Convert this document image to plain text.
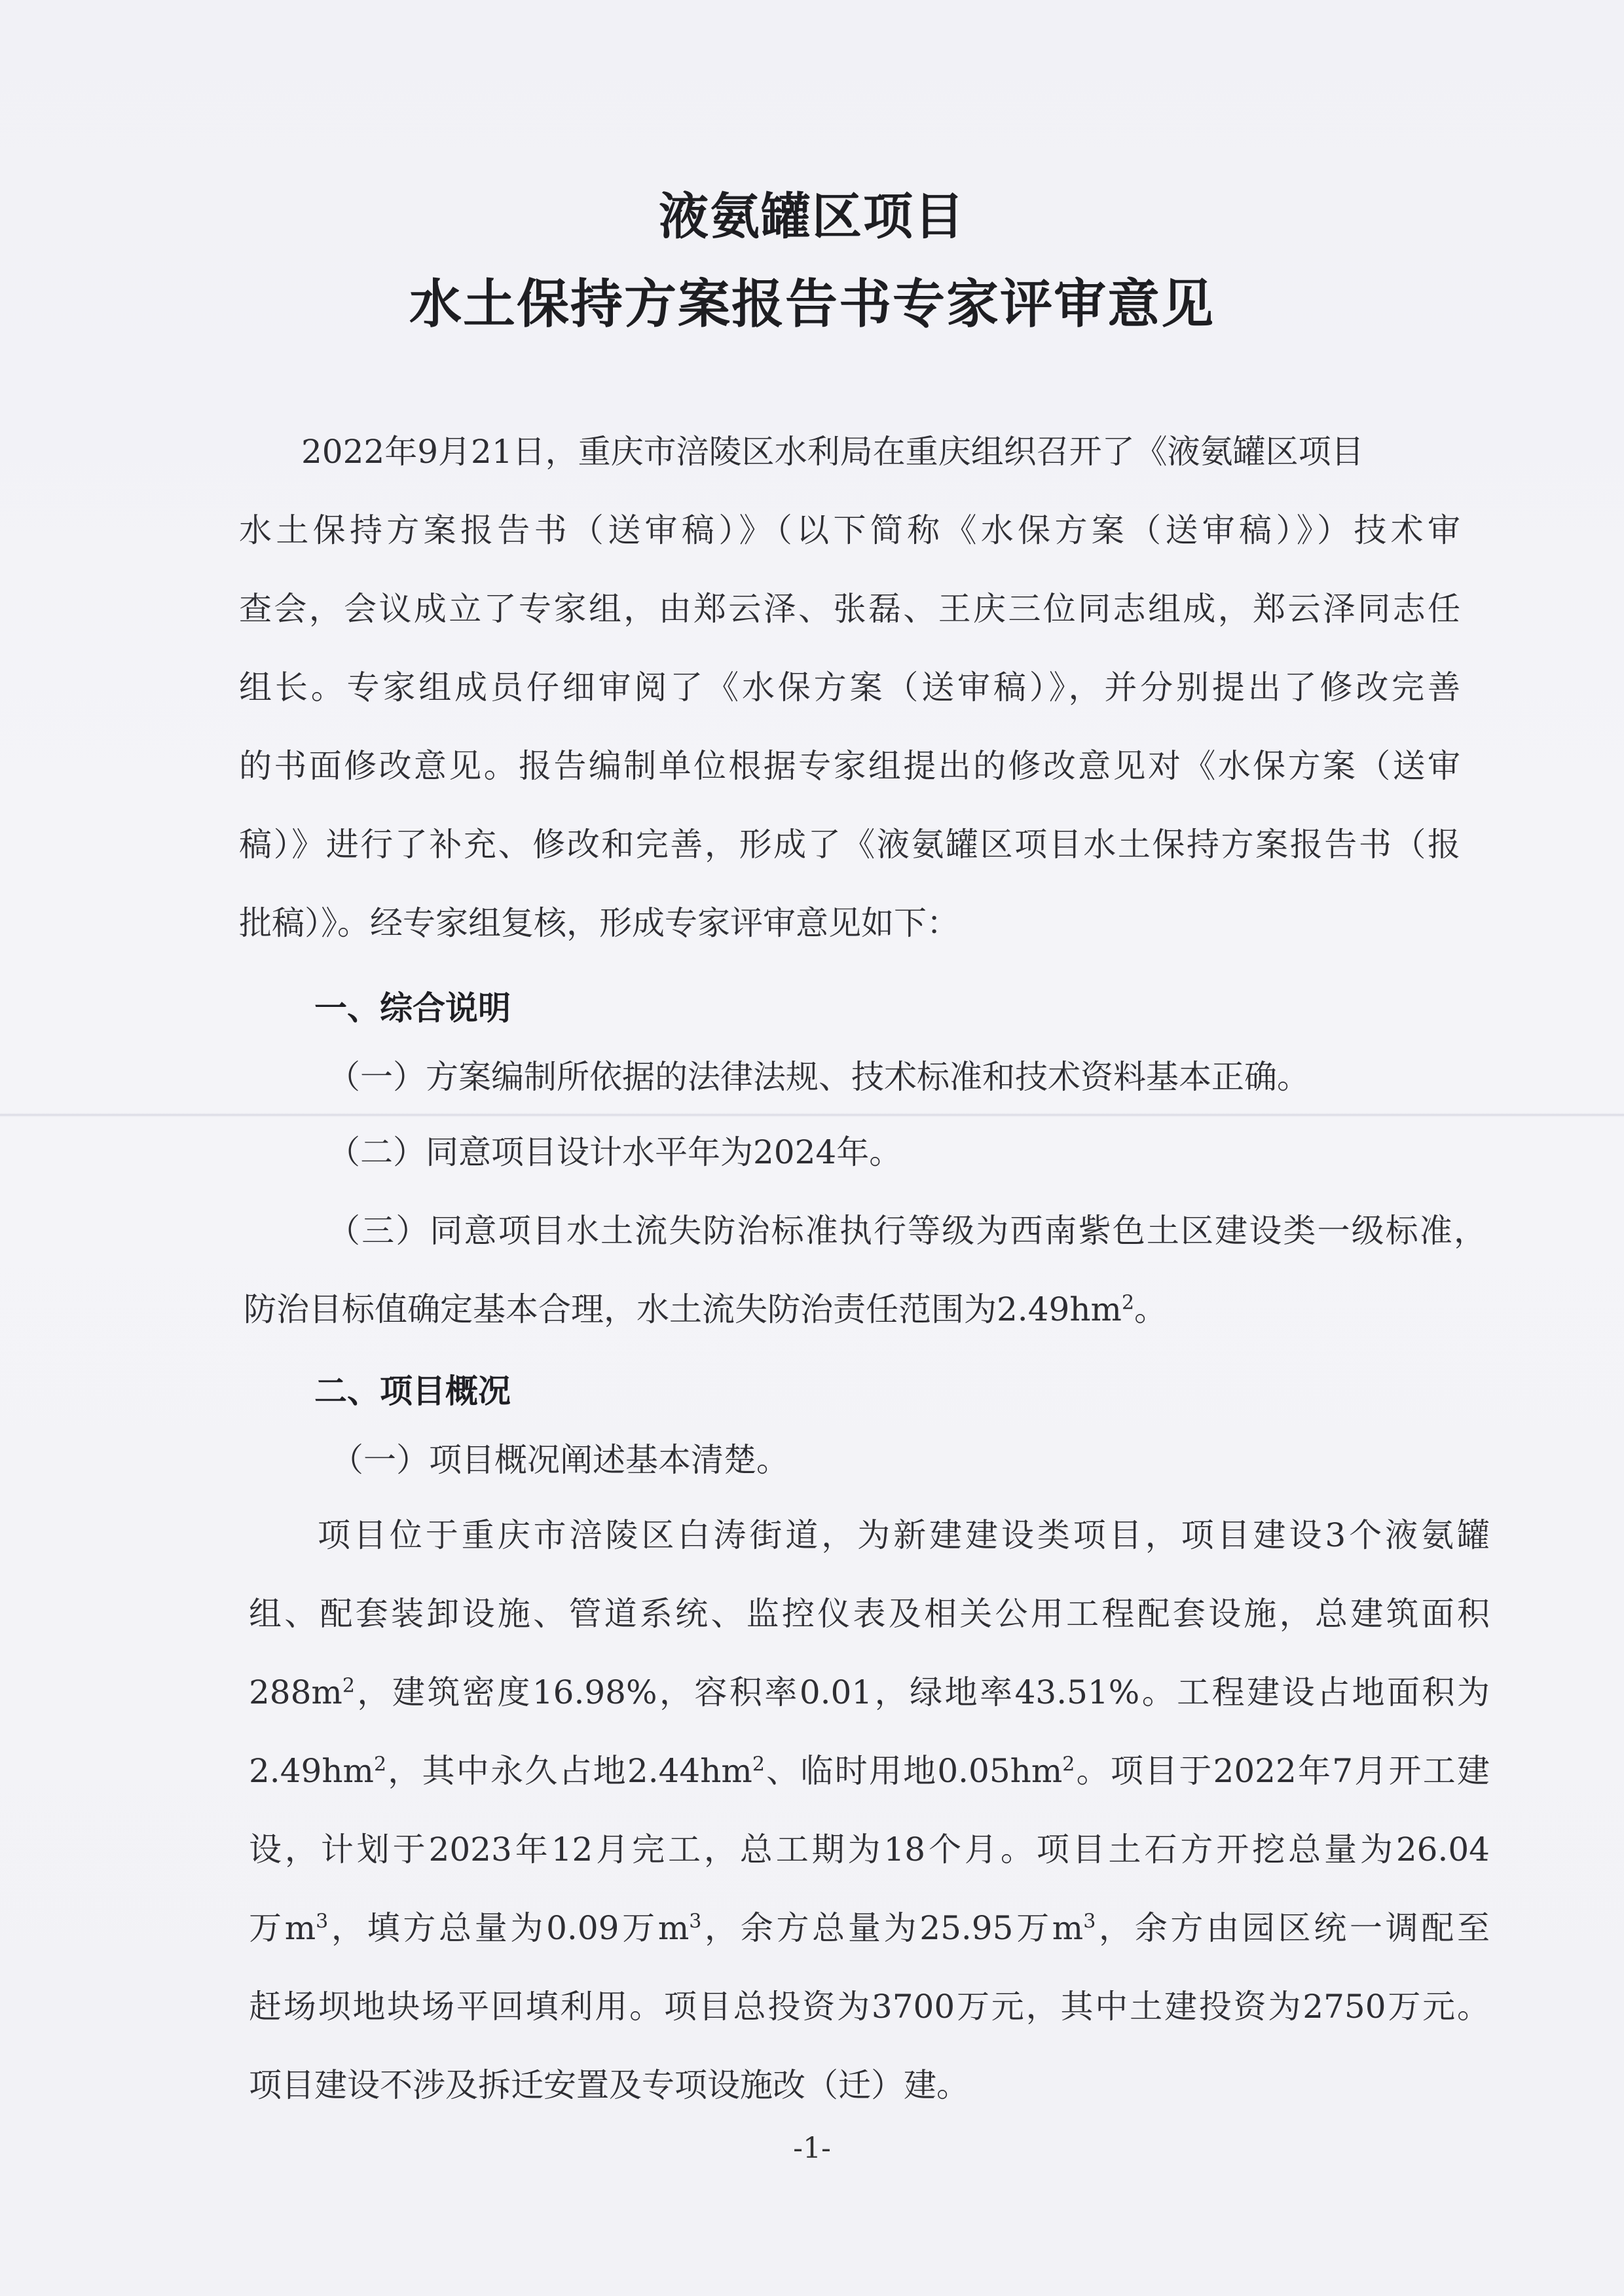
液氨罐区项目
水土保持方案报告书专家评审意见
2022年9月21日，重庆市涪陵区水利局在重庆组织召开了《液氨罐区项目
水土保持方案报告书（送审稿）》（以下简称《水保方案（送审稿）》）技术审
查会，会议成立了专家组，由郑云泽、张磊、王庆三位同志组成，郑云泽同志任
组长。专家组成员仔细审阅了《水保方案（送审稿）》，并分别提出了修改完善
的书面修改意见。报告编制单位根据专家组提出的修改意见对《水保方案（送审
稿）》进行了补充、修改和完善，形成了《液氨罐区项目水土保持方案报告书（报
批稿）》。经专家组复核，形成专家评审意见如下：
一、综合说明
（一）方案编制所依据的法律法规、技术标准和技术资料基本正确。
（二）同意项目设计水平年为2024年。
（三）同意项目水土流失防治标准执行等级为西南紫色土区建设类一级标准，
防治目标值确定基本合理，水土流失防治责任范围为$2.49hm^2$。
二、项目概况
（一）项目概况阐述基本清楚。
项目位于重庆市涪陵区白涛街道，为新建建设类项目，项目建设3个液氨罐
组、配套装卸设施、管道系统、监控仪表及相关公用工程配套设施，总建筑面积
$288m^2$，建筑密度16.98%，容积率0.01，绿地率43.51%。工程建设占地面积为
$2.49hm^2$，其中永久占地$2.44hm^2$、临时用地$0.05hm^2$。项目于2022年7月开工建
设，计划于2023年12月完工，总工期为18个月。项目土石方开挖总量为26.04
万$m^3$，填方总量为0.09万$m^3$，余方总量为25.95万$m^3$，余方由园区统一调配至
赶场坝地块场平回填利用。项目总投资为3700万元，其中土建投资为2750万元。
项目建设不涉及拆迁安置及专项设施改（迁）建。
-1-
